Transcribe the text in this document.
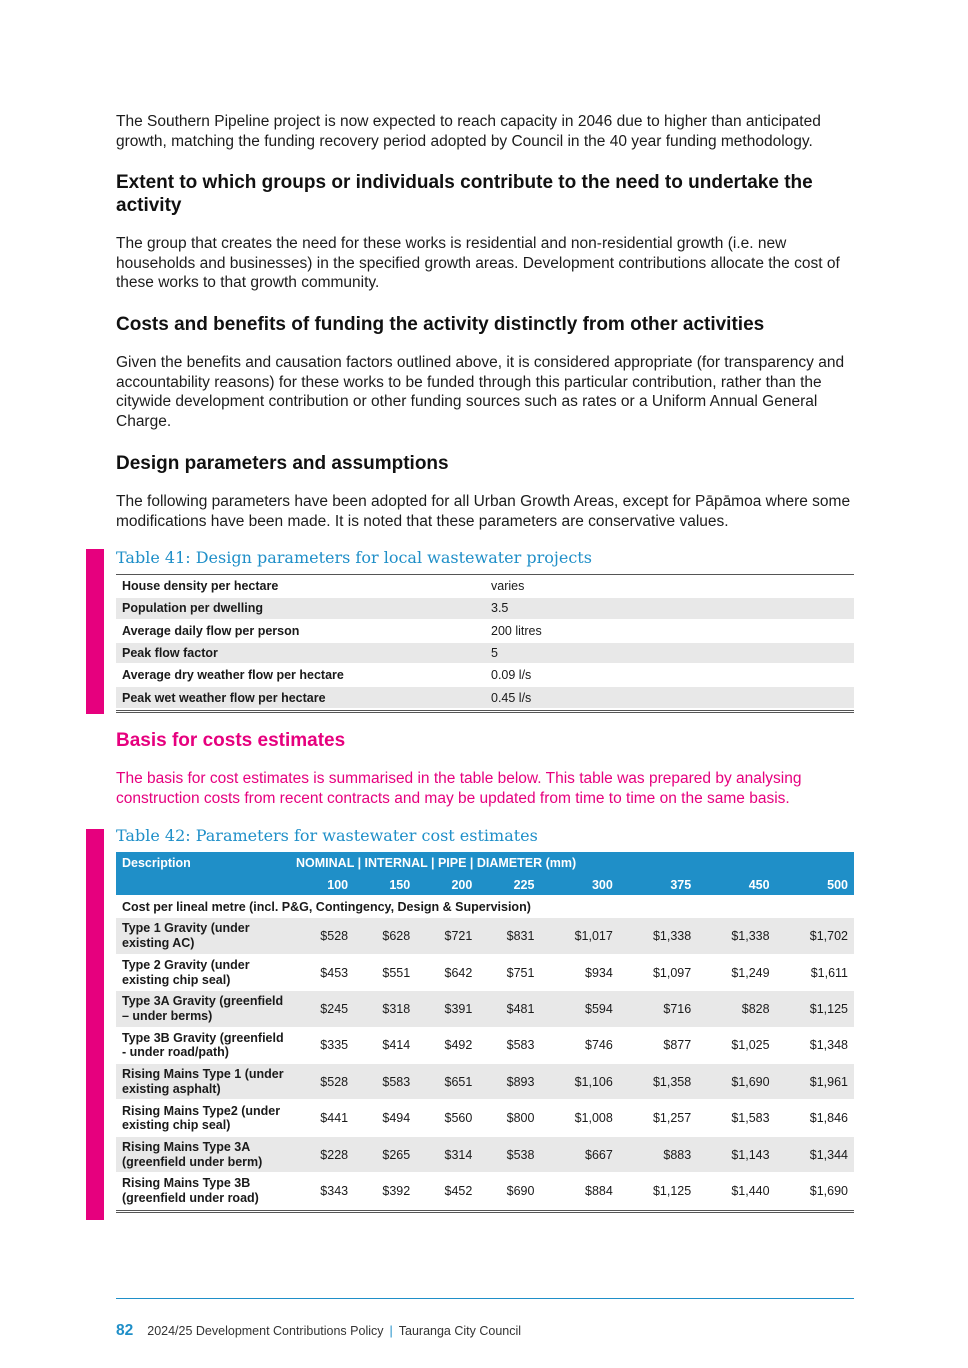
The Southern Pipeline project is now expected to reach capacity in 2046 due to higher than anticipated growth, matching the funding recovery period adopted by Council in the 40 year funding methodology.

Extent to which groups or individuals contribute to the need to undertake the activity

The group that creates the need for these works is residential and non-residential growth (i.e. new households and businesses) in the specified growth areas. Development contributions allocate the cost of these works to that growth community.

Costs and benefits of funding the activity distinctly from other activities

Given the benefits and causation factors outlined above, it is considered appropriate (for transparency and accountability reasons) for these works to be funded through this particular contribution, rather than the citywide development contribution or other funding sources such as rates or a Uniform Annual General Charge.

Design parameters and assumptions

The following parameters have been adopted for all Urban Growth Areas, except for Pāpāmoa where some modifications have been made. It is noted that these parameters are conservative values.

Table 41: Design parameters for local wastewater projects
House density per hectare	varies
Population per dwelling	3.5
Average daily flow per person	200 litres
Peak flow factor	5
Average dry weather flow per hectare	0.09 l/s
Peak wet weather flow per hectare	0.45 l/s
Basis for costs estimates

The basis for cost estimates is summarised in the table below. This table was prepared by analysing construction costs from recent contracts and may be updated from time to time on the same basis.

Table 42: Parameters for wastewater cost estimates
Description	NOMINAL | INTERNAL | PIPE | DIAMETER (mm)							
	100	150	200	225	300	375	450	500
Cost per lineal metre (incl. P&G, Contingency, Design & Supervision)								
Type 1 Gravity (under existing AC)	$528	$628	$721	$831	$1,017	$1,338	$1,338	$1,702
Type 2 Gravity (under existing chip seal)	$453	$551	$642	$751	$934	$1,097	$1,249	$1,611
Type 3A Gravity (greenfield – under berms)	$245	$318	$391	$481	$594	$716	$828	$1,125
Type 3B Gravity (greenfield - under road/path)	$335	$414	$492	$583	$746	$877	$1,025	$1,348
Rising Mains Type 1 (under existing asphalt)	$528	$583	$651	$893	$1,106	$1,358	$1,690	$1,961
Rising Mains Type2 (under existing chip seal)	$441	$494	$560	$800	$1,008	$1,257	$1,583	$1,846
Rising Mains Type 3A (greenfield under berm)	$228	$265	$314	$538	$667	$883	$1,143	$1,344
Rising Mains Type 3B (greenfield under road)	$343	$392	$452	$690	$884	$1,125	$1,440	$1,690
82 2024/25 Development Contributions Policy | Tauranga City Council
